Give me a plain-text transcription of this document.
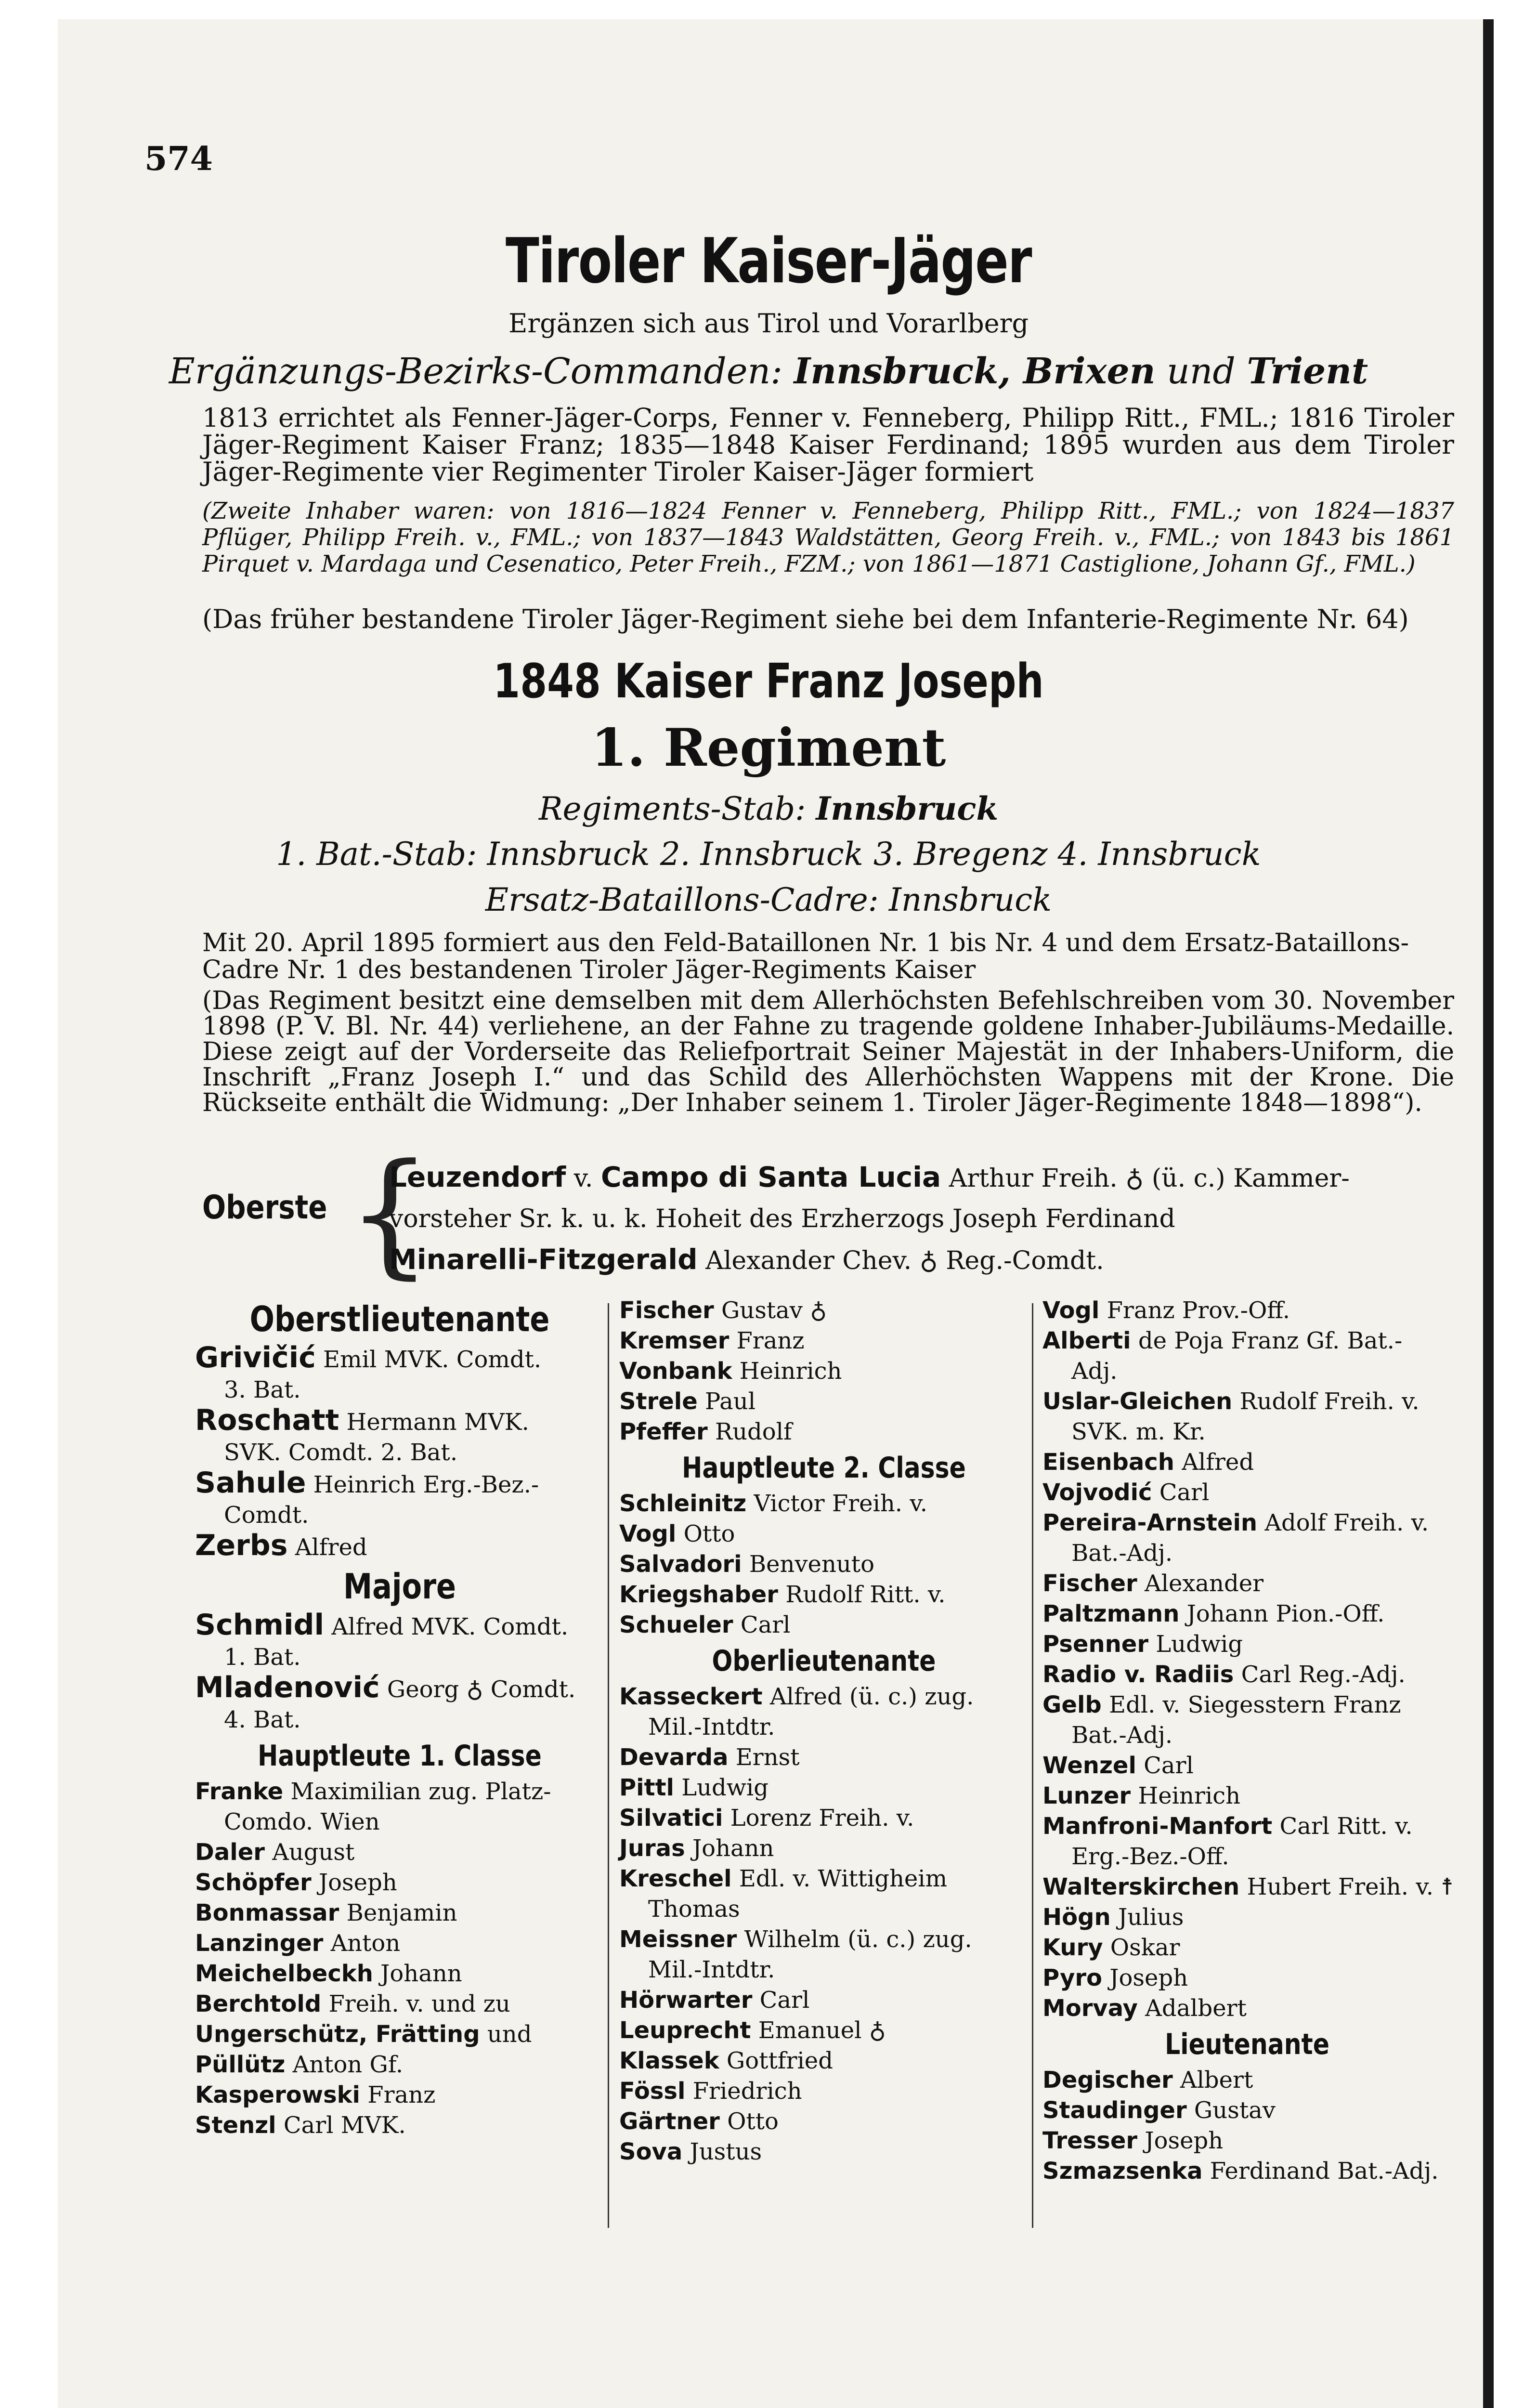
574
Tiroler Kaiser-Jäger
Ergänzen sich aus Tirol und Vorarlberg
Ergänzungs-Bezirks-Commanden: Innsbruck, Brixen und Trient
1813 errichtet als Fenner-Jäger-Corps, Fenner v. Fenneberg, Philipp Ritt., FML.; 1816 Tiroler Jäger-Regiment Kaiser Franz; 1835—1848 Kaiser Ferdinand; 1895 wurden aus dem Tiroler Jäger-Regimente vier Regimenter Tiroler Kaiser-Jäger formiert
(Zweite Inhaber waren: von 1816—1824 Fenner v. Fenneberg, Philipp Ritt., FML.; von 1824—1837 Pflüger, Philipp Freih. v., FML.; von 1837—1843 Waldstätten, Georg Freih. v., FML.; von 1843 bis 1861 Pirquet v. Mardaga und Cesenatico, Peter Freih., FZM.; von 1861—1871 Castiglione, Johann Gf., FML.)
(Das früher bestandene Tiroler Jäger-Regiment siehe bei dem Infanterie-Regimente Nr. 64)
1848 Kaiser Franz Joseph
1. Regiment
Regiments-Stab: Innsbruck
1. Bat.-Stab: Innsbruck 2. Innsbruck 3. Bregenz 4. Innsbruck
Ersatz-Bataillons-Cadre: Innsbruck
Mit 20. April 1895 formiert aus den Feld-Bataillonen Nr. 1 bis Nr. 4 und dem Ersatz-Bataillons-Cadre Nr. 1 des bestandenen Tiroler Jäger-Regiments Kaiser
(Das Regiment besitzt eine demselben mit dem Allerhöchsten Befehlschreiben vom 30. November 1898 (P. V. Bl. Nr. 44) verliehene, an der Fahne zu tragende goldene Inhaber-Jubiläums-Medaille. Diese zeigt auf der Vorderseite das Reliefportrait Seiner Majestät in der Inhabers-Uniform, die Inschrift „Franz Joseph I.“ und das Schild des Allerhöchsten Wappens mit der Krone. Die Rückseite enthält die Widmung: „Der Inhaber seinem 1. Tiroler Jäger-Regimente 1848—1898“).
Oberste {
Leuzendorf v. Campo di Santa Lucia Arthur Freih. ♁ (ü. c.) Kammer-
vorsteher Sr. k. u. k. Hoheit des Erzherzogs Joseph Ferdinand
Minarelli-Fitzgerald Alexander Chev. ♁ Reg.-Comdt.
Oberstlieutenante
Grivičić Emil MVK. Comdt.
3. Bat.
Roschatt Hermann MVK.
SVK. Comdt. 2. Bat.
Sahule Heinrich Erg.-Bez.-
Comdt.
Zerbs Alfred
Majore
Schmidl Alfred MVK. Comdt.
1. Bat.
Mladenović Georg ♁ Comdt.
4. Bat.
Hauptleute 1. Classe
Franke Maximilian zug. Platz-
Comdo. Wien
Daler August
Schöpfer Joseph
Bonmassar Benjamin
Lanzinger Anton
Meichelbeckh Johann
Berchtold Freih. v. und zu
Ungerschütz, Frätting und
Püllütz Anton Gf.
Kasperowski Franz
Stenzl Carl MVK.
Fischer Gustav ♁
Kremser Franz
Vonbank Heinrich
Strele Paul
Pfeffer Rudolf
Hauptleute 2. Classe
Schleinitz Victor Freih. v.
Vogl Otto
Salvadori Benvenuto
Kriegshaber Rudolf Ritt. v.
Schueler Carl
Oberlieutenante
Kasseckert Alfred (ü. c.) zug.
Mil.-Intdtr.
Devarda Ernst
Pittl Ludwig
Silvatici Lorenz Freih. v.
Juras Johann
Kreschel Edl. v. Wittigheim
Thomas
Meissner Wilhelm (ü. c.) zug.
Mil.-Intdtr.
Hörwarter Carl
Leuprecht Emanuel ♁
Klassek Gottfried
Fössl Friedrich
Gärtner Otto
Sova Justus
Vogl Franz Prov.-Off.
Alberti de Poja Franz Gf. Bat.-
Adj.
Uslar-Gleichen Rudolf Freih. v.
SVK. m. Kr.
Eisenbach Alfred
Vojvodić Carl
Pereira-Arnstein Adolf Freih. v.
Bat.-Adj.
Fischer Alexander
Paltzmann Johann Pion.-Off.
Psenner Ludwig
Radio v. Radiis Carl Reg.-Adj.
Gelb Edl. v. Siegesstern Franz
Bat.-Adj.
Wenzel Carl
Lunzer Heinrich
Manfroni-Manfort Carl Ritt. v.
Erg.-Bez.-Off.
Walterskirchen Hubert Freih. v. ☨
Högn Julius
Kury Oskar
Pyro Joseph
Morvay Adalbert
Lieutenante
Degischer Albert
Staudinger Gustav
Tresser Joseph
Szmazsenka Ferdinand Bat.-Adj.
